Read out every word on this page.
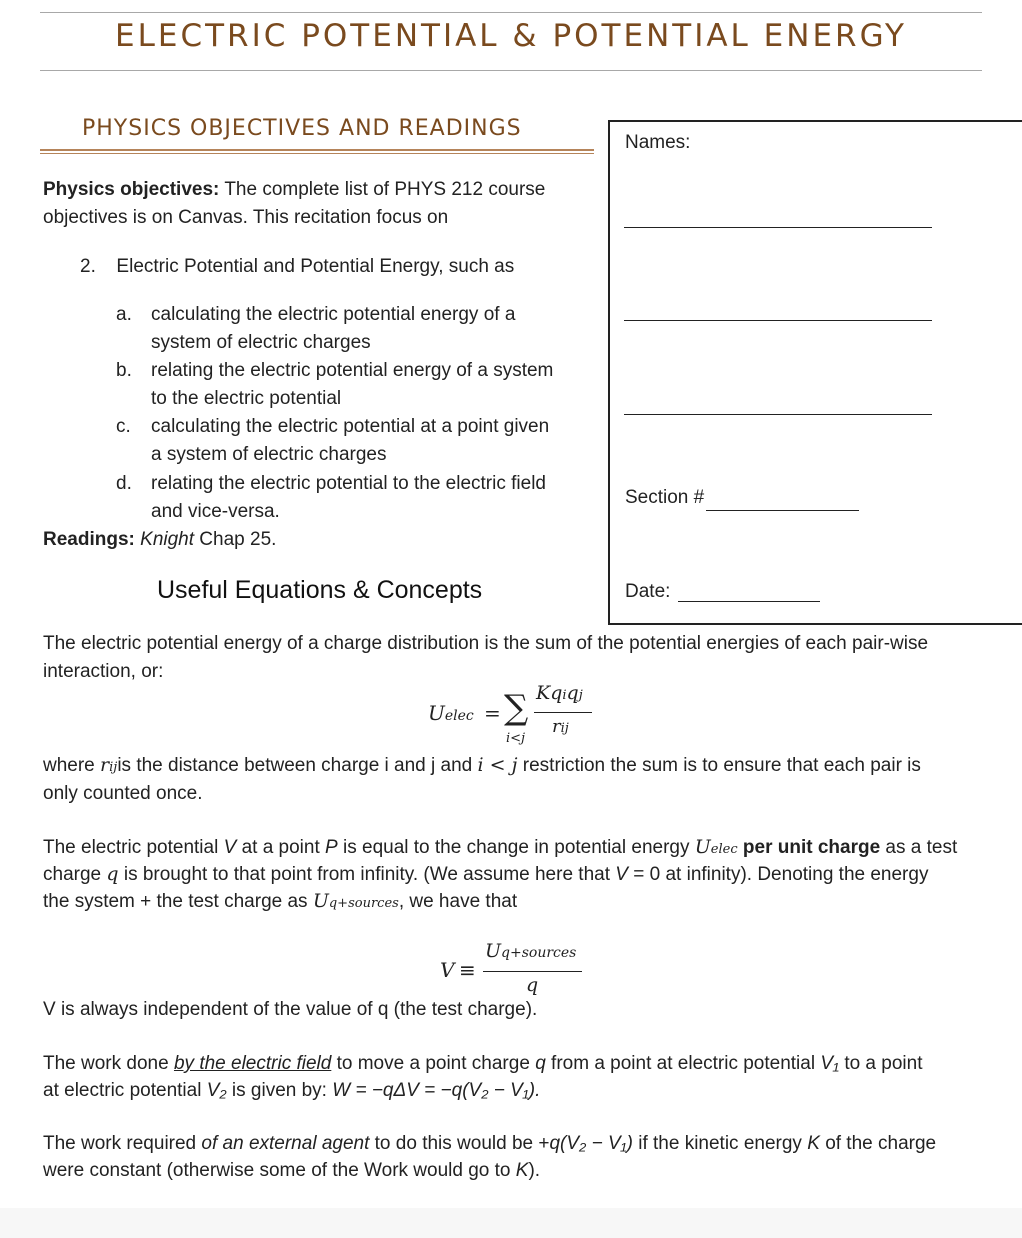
ELECTRIC POTENTIAL & POTENTIAL ENERGY
PHYSICS OBJECTIVES AND READINGS
Physics objectives: The complete list of PHYS 212 course
objectives is on Canvas. This recitation focus on
2. Electric Potential and Potential Energy, such as
a. calculating the electric potential energy of a
system of electric charges
b. relating the electric potential energy of a system
to the electric potential
c. calculating the electric potential at a point given
a system of electric charges
d. relating the electric potential to the electric field
and vice-versa.
Readings: Knight Chap 25.
Names:
Section #
Date:
Useful Equations & Concepts
The electric potential energy of a charge distribution is the sum of the potential energies of each pair-wise
interaction, or:
Uelec = ∑
i<j
Kqiqj
rij
where rijis the distance between charge i and j and i < j restriction the sum is to ensure that each pair is
only counted once.
The electric potential V at a point P is equal to the change in potential energy Uelec per unit charge as a test
charge q is brought to that point from infinity. (We assume here that V = 0 at infinity). Denoting the energy
the system + the test charge as Uq+sources, we have that
V ≡
Uq+sources
q
V is always independent of the value of q (the test charge).
The work done by the electric field to move a point charge q from a point at electric potential V₁ to a point
at electric potential V₂ is given by: W = −qΔV = −q(V₂ − V₁).
The work required of an external agent to do this would be +q(V₂ − V₁) if the kinetic energy K of the charge
were constant (otherwise some of the Work would go to K).
